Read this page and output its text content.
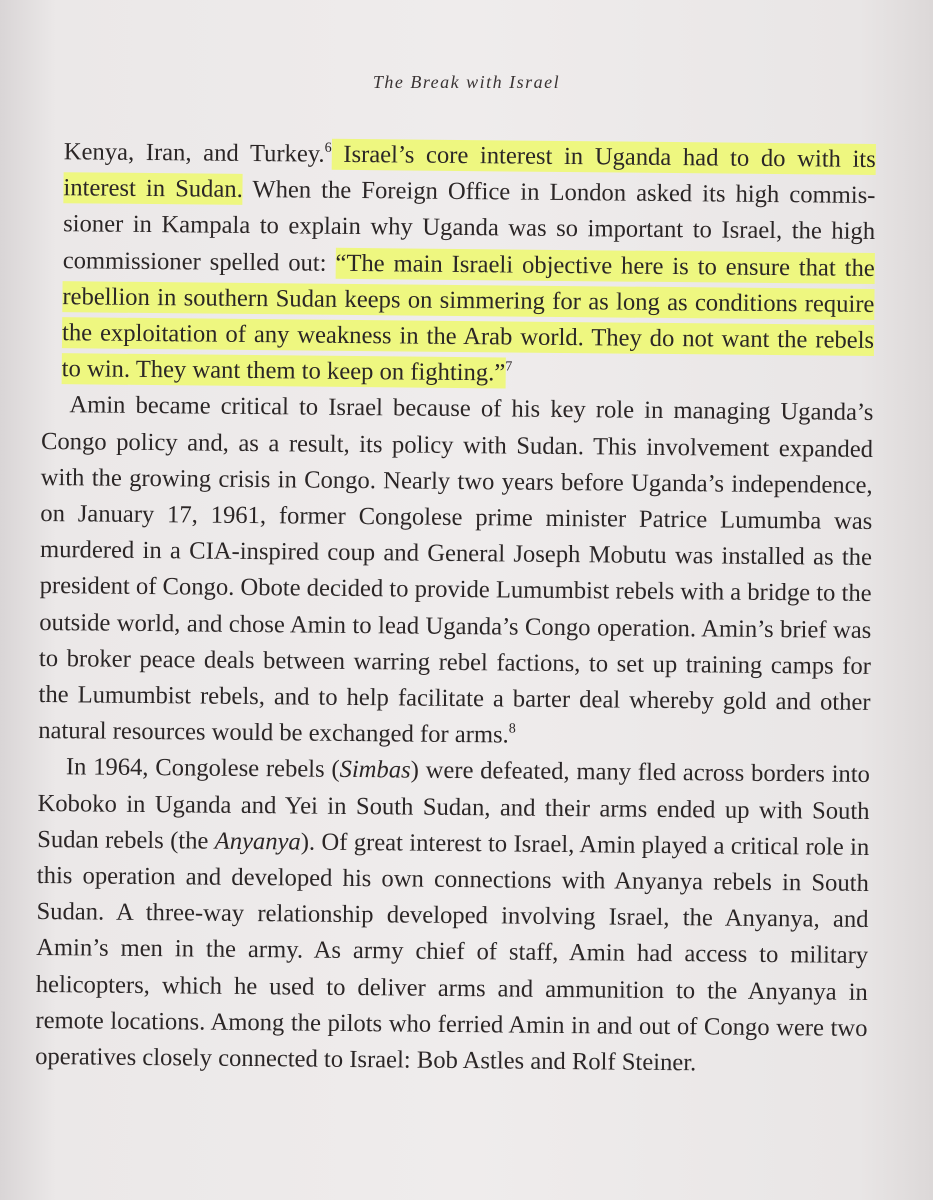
The Break with Israel

Kenya, Iran, and Turkey.$^6$ Israel’s core interest in Uganda had to do with its interest in Sudan. When the Foreign Office in London asked its high commissioner in Kampala to explain why Uganda was so important to Israel, the high commissioner spelled out: “The main Israeli objective here is to ensure that the rebellion in southern Sudan keeps on simmering for as long as conditions require the exploitation of any weakness in the Arab world. They do not want the rebels to win. They want them to keep on fighting.”$^7$

Amin became critical to Israel because of his key role in managing Uganda’s Congo policy and, as a result, its policy with Sudan. This involvement expanded with the growing crisis in Congo. Nearly two years before Uganda’s independence, on January 17, 1961, former Congolese prime minister Patrice Lumumba was murdered in a CIA-inspired coup and General Joseph Mobutu was installed as the president of Congo. Obote decided to provide Lumumbist rebels with a bridge to the outside world, and chose Amin to lead Uganda’s Congo operation. Amin’s brief was to broker peace deals between warring rebel factions, to set up training camps for the Lumumbist rebels, and to help facilitate a barter deal whereby gold and other natural resources would be exchanged for arms.$^8$

In 1964, Congolese rebels (Simbas) were defeated, many fled across borders into Koboko in Uganda and Yei in South Sudan, and their arms ended up with South Sudan rebels (the Anyanya). Of great interest to Israel, Amin played a critical role in this operation and developed his own connections with Anyanya rebels in South Sudan. A three-way relationship developed involving Israel, the Anyanya, and Amin’s men in the army. As army chief of staff, Amin had access to military helicopters, which he used to deliver arms and ammunition to the Anyanya in remote locations. Among the pilots who ferried Amin in and out of Congo were two operatives closely connected to Israel: Bob Astles and Rolf Steiner.
